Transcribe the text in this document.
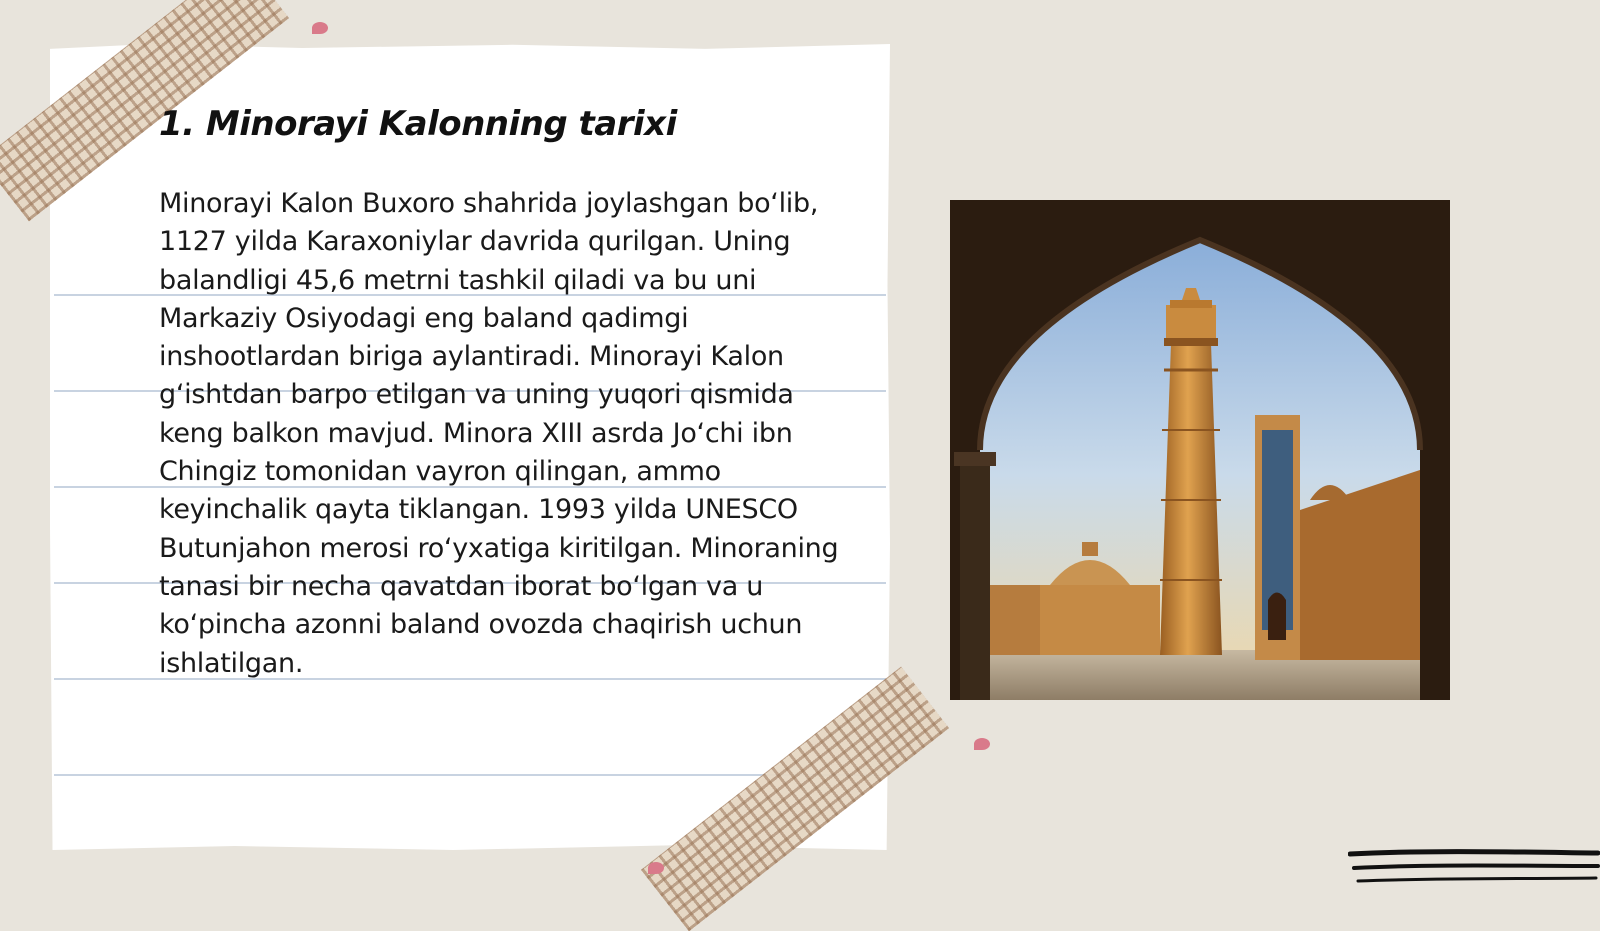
1. Minorayi Kalonning tarixi

Minorayi Kalon Buxoro shahrida joylashgan bo‘lib, 1127 yilda Karaxoniylar davrida qurilgan. Uning balandligi 45,6 metrni tashkil qiladi va bu uni Markaziy Osiyodagi eng baland qadimgi inshootlardan biriga aylantiradi. Minorayi Kalon g‘ishtdan barpo etilgan va uning yuqori qismida keng balkon mavjud. Minora XIII asrda Jo‘chi ibn Chingiz tomonidan vayron qilingan, ammo keyinchalik qayta tiklangan. 1993 yilda UNESCO Butunjahon merosi ro‘yxatiga kiritilgan. Minoraning tanasi bir necha qavatdan iborat bo‘lgan va u ko‘pincha azonni baland ovozda chaqirish uchun ishlatilgan.
